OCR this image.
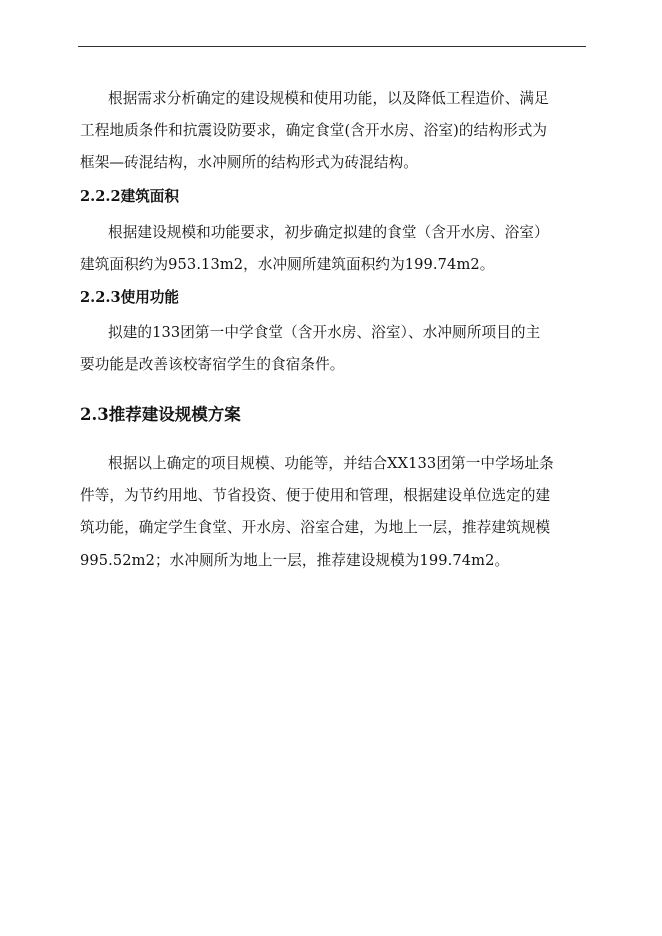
根据需求分析确定的建设规模和使用功能，以及降低工程造价、满足
工程地质条件和抗震设防要求，确定食堂(含开水房、浴室)的结构形式为
框架—砖混结构，水冲厕所的结构形式为砖混结构。
2.2.2建筑面积
根据建设规模和功能要求，初步确定拟建的食堂（含开水房、浴室）
建筑面积约为953.13m2，水冲厕所建筑面积约为199.74m2。
2.2.3使用功能
拟建的133团第一中学食堂（含开水房、浴室）、水冲厕所项目的主
要功能是改善该校寄宿学生的食宿条件。
2.3推荐建设规模方案
根据以上确定的项目规模、功能等，并结合XX133团第一中学场址条
件等，为节约用地、节省投资、便于使用和管理，根据建设单位选定的建
筑功能，确定学生食堂、开水房、浴室合建，为地上一层，推荐建筑规模
995.52m2；水冲厕所为地上一层，推荐建设规模为199.74m2。
